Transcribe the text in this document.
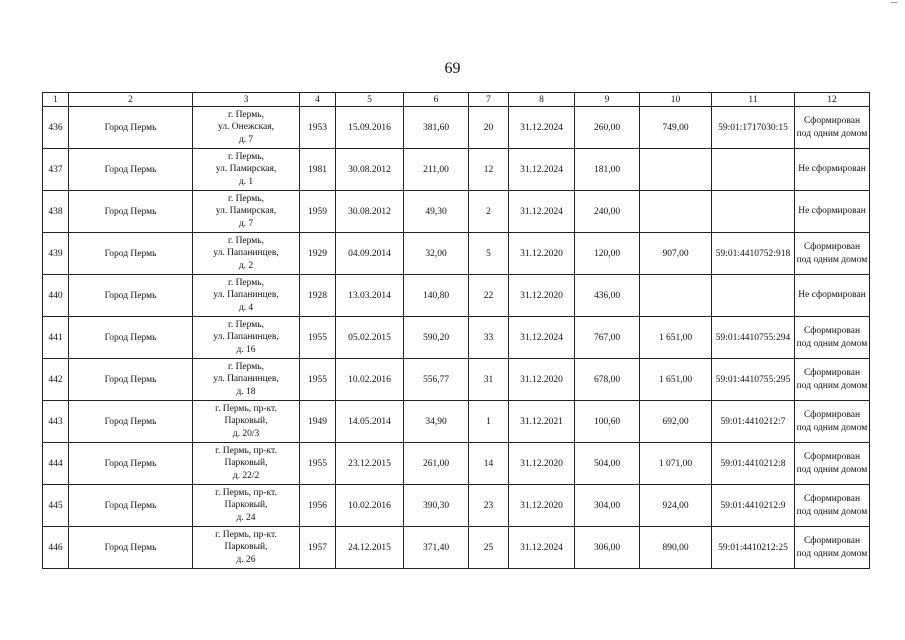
69
1	2	3	4	5	6	7	8	9	10	11	12
436	Город Пермь	г. Пермь,
ул. Онежская,
д. 7	1953	15.09.2016	381,60	20	31.12.2024	260,00	749,00	59:01:1717030:15	Сформирован
под одним домом
437	Город Пермь	г. Пермь,
ул. Памирская,
д. 1	1981	30.08.2012	211,00	12	31.12.2024	181,00			Не сформирован
438	Город Пермь	г. Пермь,
ул. Памирская,
д. 7	1959	30.08.2012	49,30	2	31.12.2024	240,00			Не сформирован
439	Город Пермь	г. Пермь,
ул. Папанинцев,
д. 2	1929	04.09.2014	32,00	5	31.12.2020	120,00	907,00	59:01:4410752:918	Сформирован
под одним домом
440	Город Пермь	г. Пермь,
ул. Папанинцев,
д. 4	1928	13.03.2014	140,80	22	31.12.2020	436,00			Не сформирован
441	Город Пермь	г. Пермь,
ул. Папанинцев,
д. 16	1955	05.02.2015	590,20	33	31.12.2024	767,00	1 651,00	59:01:4410755:294	Сформирован
под одним домом
442	Город Пермь	г. Пермь,
ул. Папанинцев,
д. 18	1955	10.02.2016	556,77	31	31.12.2020	678,00	1 651,00	59:01:4410755:295	Сформирован
под одним домом
443	Город Пермь	г. Пермь, пр-кт.
Парковый,
д. 20/3	1949	14.05.2014	34,90	1	31.12.2021	100,60	692,00	59:01:4410212:7	Сформирован
под одним домом
444	Город Пермь	г. Пермь, пр-кт.
Парковый,
д. 22/2	1955	23.12.2015	261,00	14	31.12.2020	504,00	1 071,00	59:01:4410212:8	Сформирован
под одним домом
445	Город Пермь	г. Пермь, пр-кт.
Парковый,
д. 24	1956	10.02.2016	390,30	23	31.12.2020	304,00	924,00	59:01:4410212:9	Сформирован
под одним домом
446	Город Пермь	г. Пермь, пр-кт.
Парковый,
д. 26	1957	24.12.2015	371,40	25	31.12.2024	306,00	890,00	59:01:4410212:25	Сформирован
под одним домом
